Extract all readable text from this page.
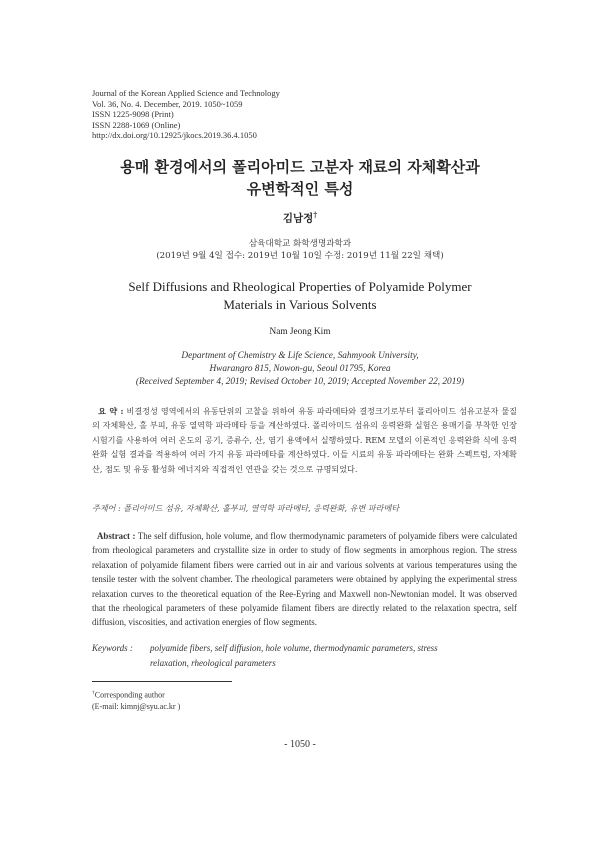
Journal of the Korean Applied Science and Technology
Vol. 36, No. 4. December, 2019. 1050~1059
ISSN 1225-9098 (Print)
ISSN 2288-1069 (Online)
http://dx.doi.org/10.12925/jkocs.2019.36.4.1050
용매 환경에서의 폴리아미드 고분자 재료의 자체확산과
유변학적인 특성
김남정†
삼육대학교 화학생명과학과
(2019년 9월 4일 접수: 2019년 10월 10일 수정: 2019년 11월 22일 채택)
Self Diffusions and Rheological Properties of Polyamide Polymer
Materials in Various Solvents
Nam Jeong Kim
Department of Chemistry & Life Science, Sahmyook University,
Hwarangro 815, Nowon-gu, Seoul 01795, Korea
(Received September 4, 2019; Revised October 10, 2019; Accepted November 22, 2019)
요 약 : 비결정성 영역에서의 유동단위의 고찰을 위하여 유동 파라메타와 결정크기로부터 폴리아미드 섬유고분자 물질의 자체확산, 홀 부피, 유동 열역학 파라메타 등을 계산하였다. 폴리아미드 섬유의 응력완화 실험은 용매기를 부착한 인장 시험기를 사용하여 여러 온도의 공기, 증류수, 산, 염기 용액에서 실행하였다. REM 모델의 이론적인 응력완화 식에 응력완화 실험 결과를 적용하여 여러 가지 유동 파라메타를 계산하였다. 이들 시료의 유동 파라메타는 완화 스펙트럼, 자체확산, 점도 및 유동 활성화 에너지와 직접적인 연관을 갖는 것으로 규명되었다.
주제어 : 폴리아미드 섬유, 자체확산, 홀부피, 열역학 파라메타, 응력완화, 유변 파라메타
Abstract : The self diffusion, hole volume, and flow thermodynamic parameters of polyamide fibers were calculated from rheological parameters and crystallite size in order to study of flow segments in amorphous region. The stress relaxation of polyamide filament fibers were carried out in air and various solvents at various temperatures using the tensile tester with the solvent chamber. The rheological parameters were obtained by applying the experimental stress relaxation curves to the theoretical equation of the Ree-Eyring and Maxwell non-Newtonian model. It was observed that the rheological parameters of these polyamide filament fibers are directly related to the relaxation spectra, self diffusion, viscosities, and activation energies of flow segments.
Keywords : polyamide fibers, self diffusion, hole volume, thermodynamic parameters, stress
relaxation, rheological parameters
†Corresponding author
(E-mail: kimnj@syu.ac.kr )
- 1050 -
